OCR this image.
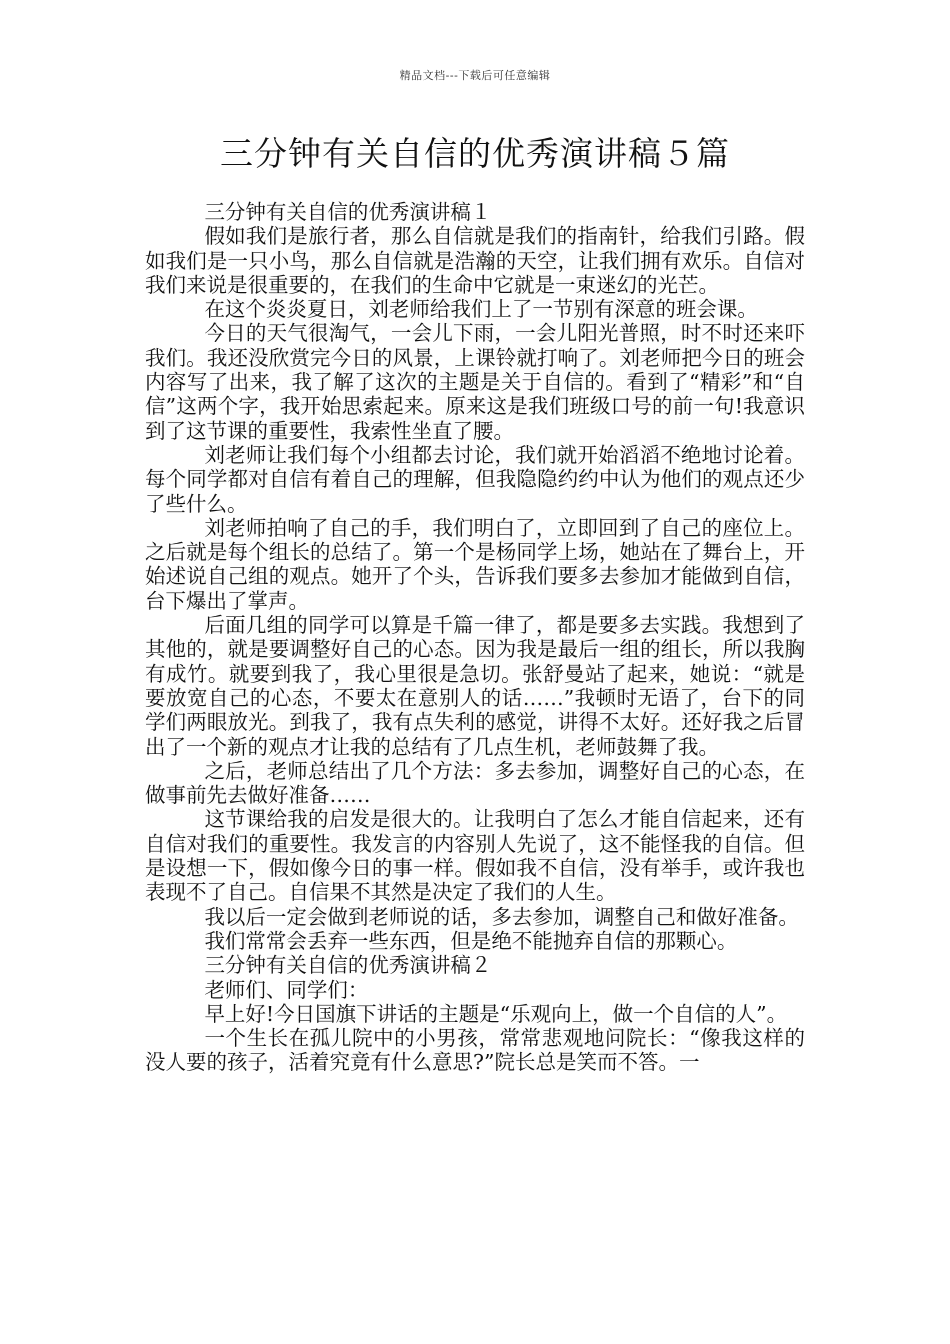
精品文档---下载后可任意编辑
三分钟有关自信的优秀演讲稿５篇

三分钟有关自信的优秀演讲稿１

假如我们是旅行者，那么自信就是我们的指南针，给我们引路。假如我们是一只小鸟，那么自信就是浩瀚的天空，让我们拥有欢乐。自信对我们来说是很重要的，在我们的生命中它就是一束迷幻的光芒。

在这个炎炎夏日，刘老师给我们上了一节别有深意的班会课。

今日的天气很淘气，一会儿下雨，一会儿阳光普照，时不时还来吓我们。我还没欣赏完今日的风景，上课铃就打响了。刘老师把今日的班会内容写了出来，我了解了这次的主题是关于自信的。看到了“精彩”和“自信”这两个字，我开始思索起来。原来这是我们班级口号的前一句!我意识到了这节课的重要性，我索性坐直了腰。

刘老师让我们每个小组都去讨论，我们就开始滔滔不绝地讨论着。每个同学都对自信有着自己的理解，但我隐隐约约中认为他们的观点还少了些什么。

刘老师拍响了自己的手，我们明白了，立即回到了自己的座位上。之后就是每个组长的总结了。第一个是杨同学上场，她站在了舞台上，开始述说自己组的观点。她开了个头，告诉我们要多去参加才能做到自信，台下爆出了掌声。

后面几组的同学可以算是千篇一律了，都是要多去实践。我想到了其他的，就是要调整好自己的心态。因为我是最后一组的组长，所以我胸有成竹。就要到我了，我心里很是急切。张舒曼站了起来，她说：“就是要放宽自己的心态，不要太在意别人的话……”我顿时无语了，台下的同学们两眼放光。到我了，我有点失利的感觉，讲得不太好。还好我之后冒出了一个新的观点才让我的总结有了几点生机，老师鼓舞了我。

之后，老师总结出了几个方法：多去参加，调整好自己的心态，在做事前先去做好准备……

这节课给我的启发是很大的。让我明白了怎么才能自信起来，还有自信对我们的重要性。我发言的内容别人先说了，这不能怪我的自信。但是设想一下，假如像今日的事一样。假如我不自信，没有举手，或许我也表现不了自己。自信果不其然是决定了我们的人生。

我以后一定会做到老师说的话，多去参加，调整自己和做好准备。

我们常常会丢弃一些东西，但是绝不能抛弃自信的那颗心。

三分钟有关自信的优秀演讲稿２

老师们、同学们：

早上好!今日国旗下讲话的主题是“乐观向上，做一个自信的人”。

一个生长在孤儿院中的小男孩，常常悲观地问院长：“像我这样的没人要的孩子，活着究竟有什么意思?”院长总是笑而不答。一
